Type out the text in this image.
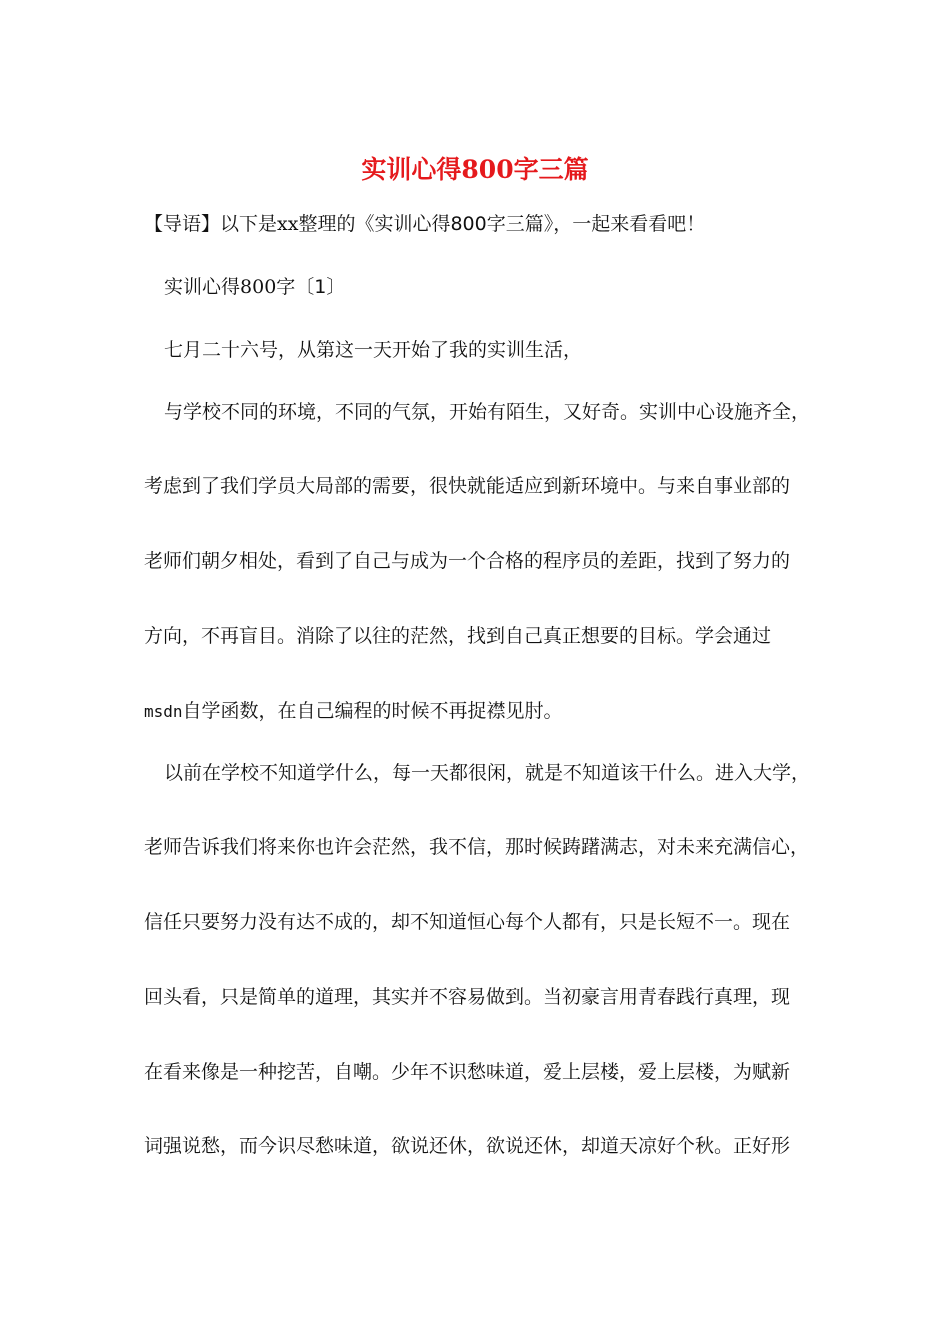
实训心得800字三篇
【导语】以下是xx整理的《实训心得800字三篇》，一起来看看吧！
实训心得800字〔1〕
七月二十六号，从第这一天开始了我的实训生活，
与学校不同的环境，不同的气氛，开始有陌生，又好奇。实训中心设施齐全，
考虑到了我们学员大局部的需要，很快就能适应到新环境中。与来自事业部的
老师们朝夕相处，看到了自己与成为一个合格的程序员的差距，找到了努力的
方向，不再盲目。消除了以往的茫然，找到自己真正想要的目标。学会通过
msdn自学函数，在自己编程的时候不再捉襟见肘。
以前在学校不知道学什么，每一天都很闲，就是不知道该干什么。进入大学，
老师告诉我们将来你也许会茫然，我不信，那时候踌躇满志，对未来充满信心，
信任只要努力没有达不成的，却不知道恒心每个人都有，只是长短不一。现在
回头看，只是简单的道理，其实并不容易做到。当初豪言用青春践行真理，现
在看来像是一种挖苦，自嘲。少年不识愁味道，爱上层楼，爱上层楼，为赋新
词强说愁，而今识尽愁味道，欲说还休，欲说还休，却道天凉好个秋。正好形
